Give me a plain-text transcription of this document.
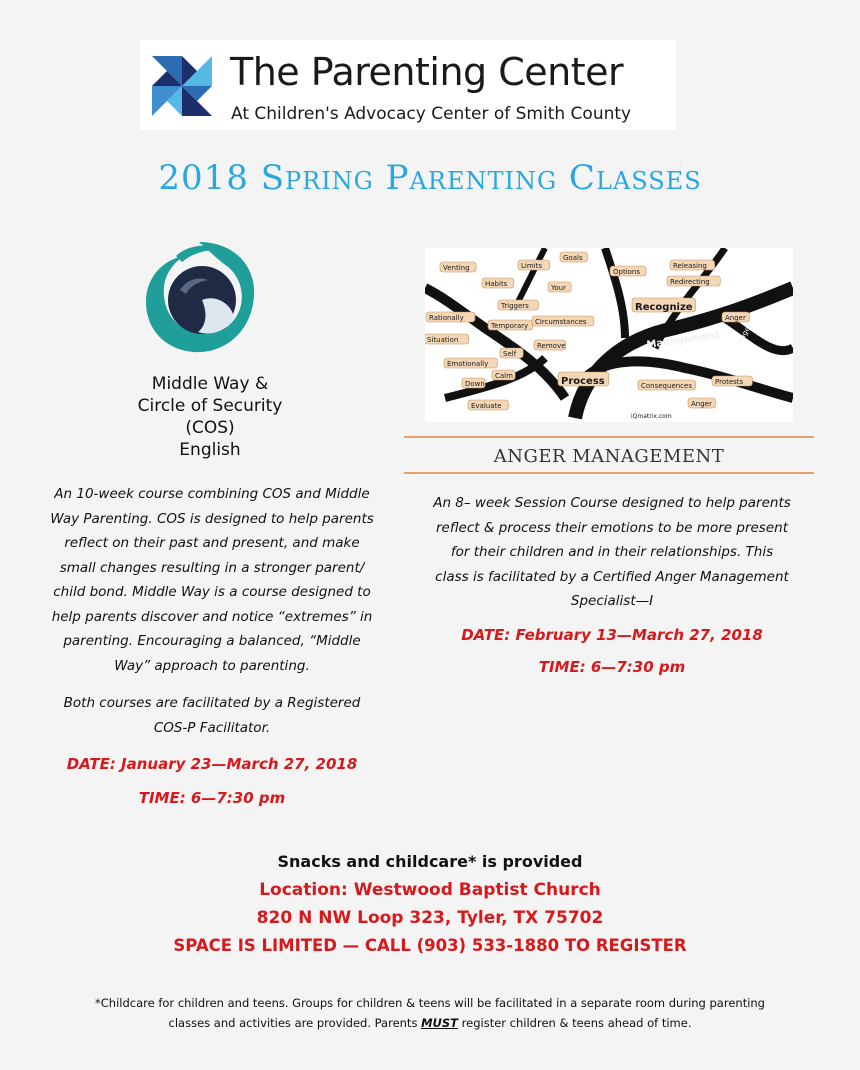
The Parenting Center
At Children's Advocacy Center of Smith County
2018 Spring Parenting Classes
Middle Way &
Circle of Security
(COS)
English
An 10-week course combining COS and Middle
Way Parenting. COS is designed to help parents
reflect on their past and present, and make
small changes resulting in a stronger parent/
child bond. Middle Way is a course designed to
help parents discover and notice “extremes” in
parenting. Encouraging a balanced, “Middle
Way” approach to parenting.
Both courses are facilitated by a Registered
COS-P Facilitator.
DATE: January 23—March 27, 2018
TIME: 6—7:30 pm
Venting	Limits
Goals
Options
Releasing
Redirecting
Anger
Habits	Your
Triggers
Rationally
Temporary Circumstances
Recognize
Anger
Situation
Self
Remove	Management
Emotionally
Calm	Process
Down
Evaluate
Consequences	Protests
Anger
iQmatrix.com
ANGER MANAGEMENT
An 8– week Session Course designed to help parents
reflect & process their emotions to be more present
for their children and in their relationships. This
class is facilitated by a Certified Anger Management
Specialist—I
DATE: February 13—March 27, 2018
TIME: 6—7:30 pm
Snacks and childcare* is provided
Location: Westwood Baptist Church
820 N NW Loop 323, Tyler, TX 75702
SPACE IS LIMITED — CALL (903) 533-1880 TO REGISTER
*Childcare for children and teens. Groups for children & teens will be facilitated in a separate room during parenting
classes and activities are provided. Parents MUST register children & teens ahead of time.
